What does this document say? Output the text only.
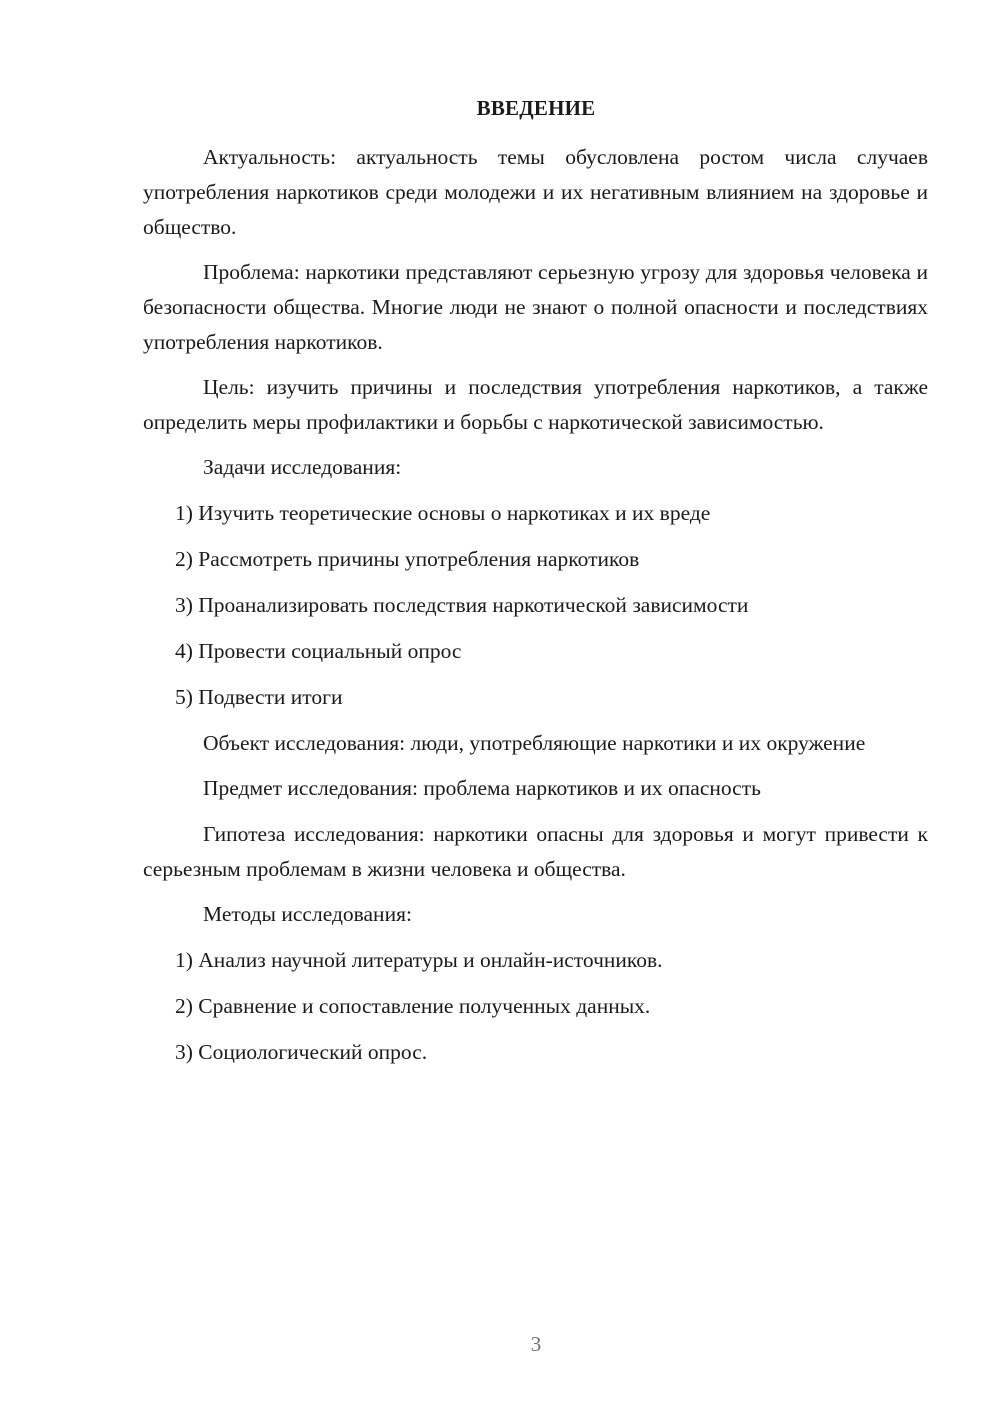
ВВЕДЕНИЕ

Актуальность: актуальность темы обусловлена ростом числа случаев употребления наркотиков среди молодежи и их негативным влиянием на здоровье и общество.

Проблема: наркотики представляют серьезную угрозу для здоровья человека и безопасности общества. Многие люди не знают о полной опасности и последствиях употребления наркотиков.

Цель: изучить причины и последствия употребления наркотиков, а также определить меры профилактики и борьбы с наркотической зависимостью.

Задачи исследования:

1) Изучить теоретические основы о наркотиках и их вреде
2) Рассмотреть причины употребления наркотиков
3) Проанализировать последствия наркотической зависимости
4) Провести социальный опрос
5) Подвести итоги

Объект исследования: люди, употребляющие наркотики и их окружение

Предмет исследования: проблема наркотиков и их опасность

Гипотеза исследования: наркотики опасны для здоровья и могут привести к серьезным проблемам в жизни человека и общества.

Методы исследования:

1) Анализ научной литературы и онлайн-источников.
2) Сравнение и сопоставление полученных данных.
3) Социологический опрос.
3
